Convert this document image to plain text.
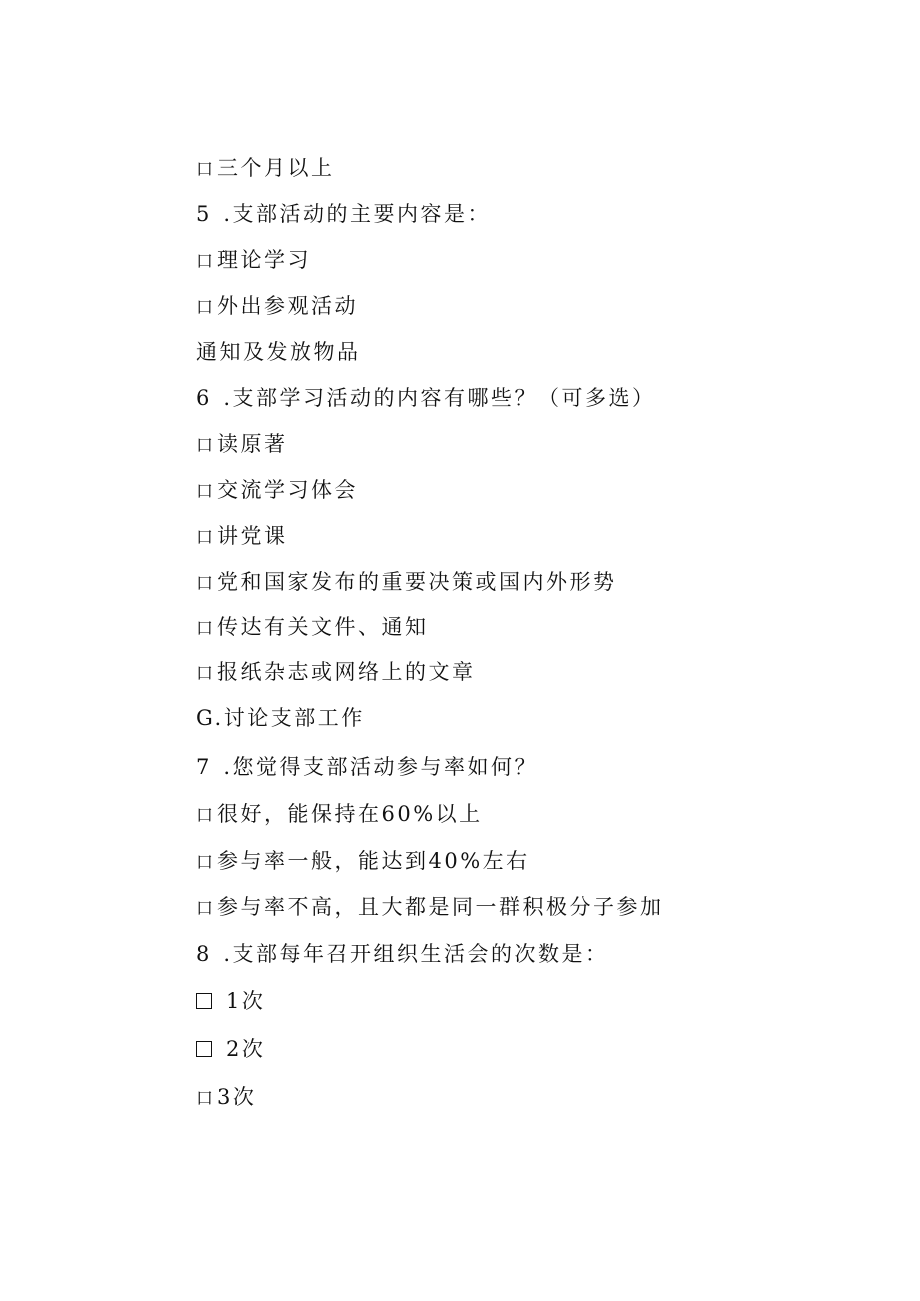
口 三个月以上
5 .支部活动的主要内容是：
口 理论学习
口 外出参观活动
通知及发放物品
6 .支部学习活动的内容有哪些？（可多选）
口 读原著
口 交流学习体会
口 讲党课
口 党和国家发布的重要决策或国内外形势
口 传达有关文件、通知
口 报纸杂志或网络上的文章
G.讨论支部工作
7 .您觉得支部活动参与率如何？
口 很好，能保持在60%以上
口 参与率一般，能达到40%左右
口 参与率不高，且大都是同一群积极分子参加
8 .支部每年召开组织生活会的次数是：
1次
2次
口 3次
